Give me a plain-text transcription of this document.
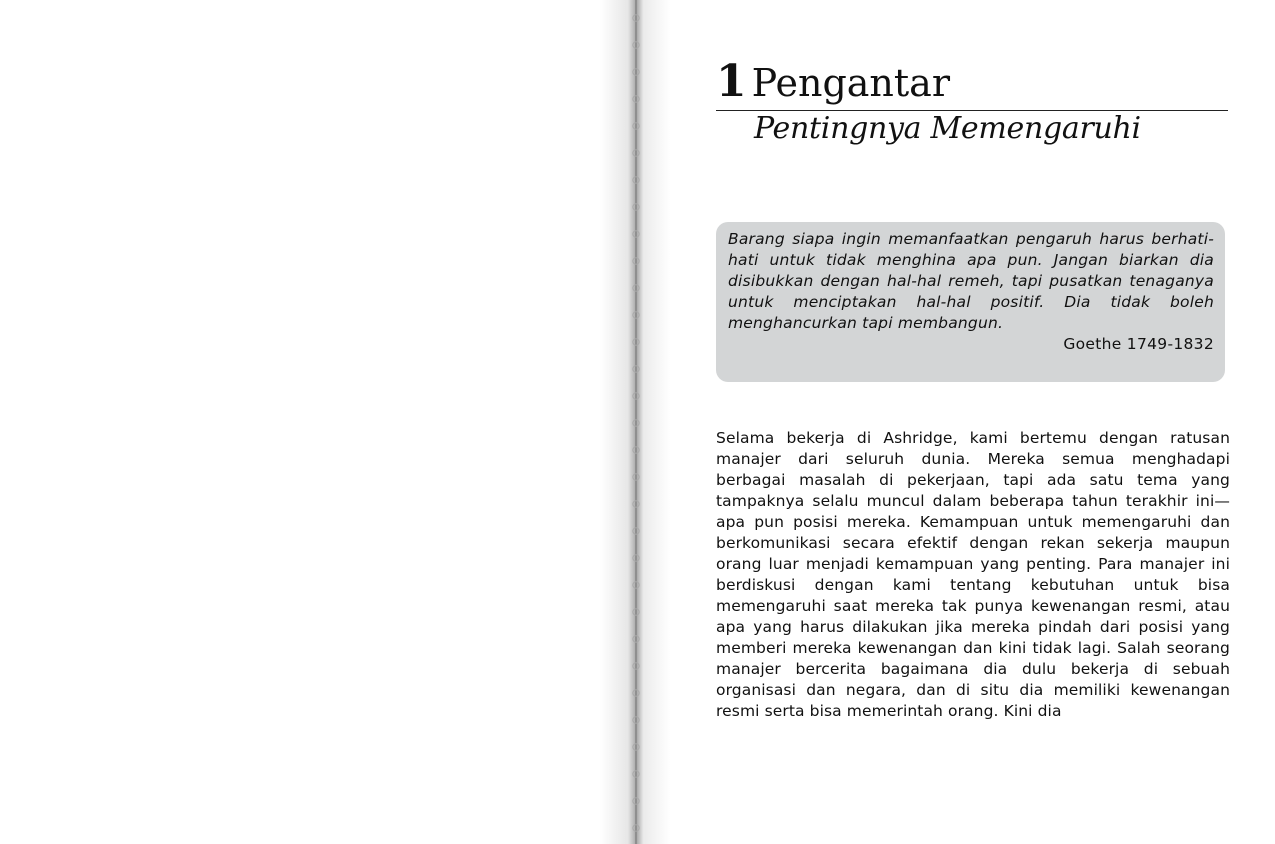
1 Pengantar
Pentingnya Memengaruhi

Barang siapa ingin memanfaatkan pengaruh harus berhati-hati untuk tidak menghina apa pun. Jangan biarkan dia disibukkan dengan hal-hal remeh, tapi pusatkan tenaganya untuk menciptakan hal-hal positif. Dia tidak boleh menghancurkan tapi membangun.

Goethe 1749-1832

Selama bekerja di Ashridge, kami bertemu dengan ratusan manajer dari seluruh dunia. Mereka semua menghadapi berbagai masalah di pekerjaan, tapi ada satu tema yang tampaknya selalu muncul dalam beberapa tahun terakhir ini—apa pun posisi mereka. Kemampuan untuk memengaruhi dan berkomunikasi secara efektif dengan rekan sekerja maupun orang luar menjadi kemampuan yang penting. Para manajer ini berdiskusi dengan kami tentang kebutuhan untuk bisa memengaruhi saat mereka tak punya kewenangan resmi, atau apa yang harus dilakukan jika mereka pindah dari posisi yang memberi mereka kewenangan dan kini tidak lagi. Salah seorang manajer bercerita bagaimana dia dulu bekerja di sebuah organisasi dan negara, dan di situ dia memiliki kewenangan resmi serta bisa memerintah orang. Kini dia
